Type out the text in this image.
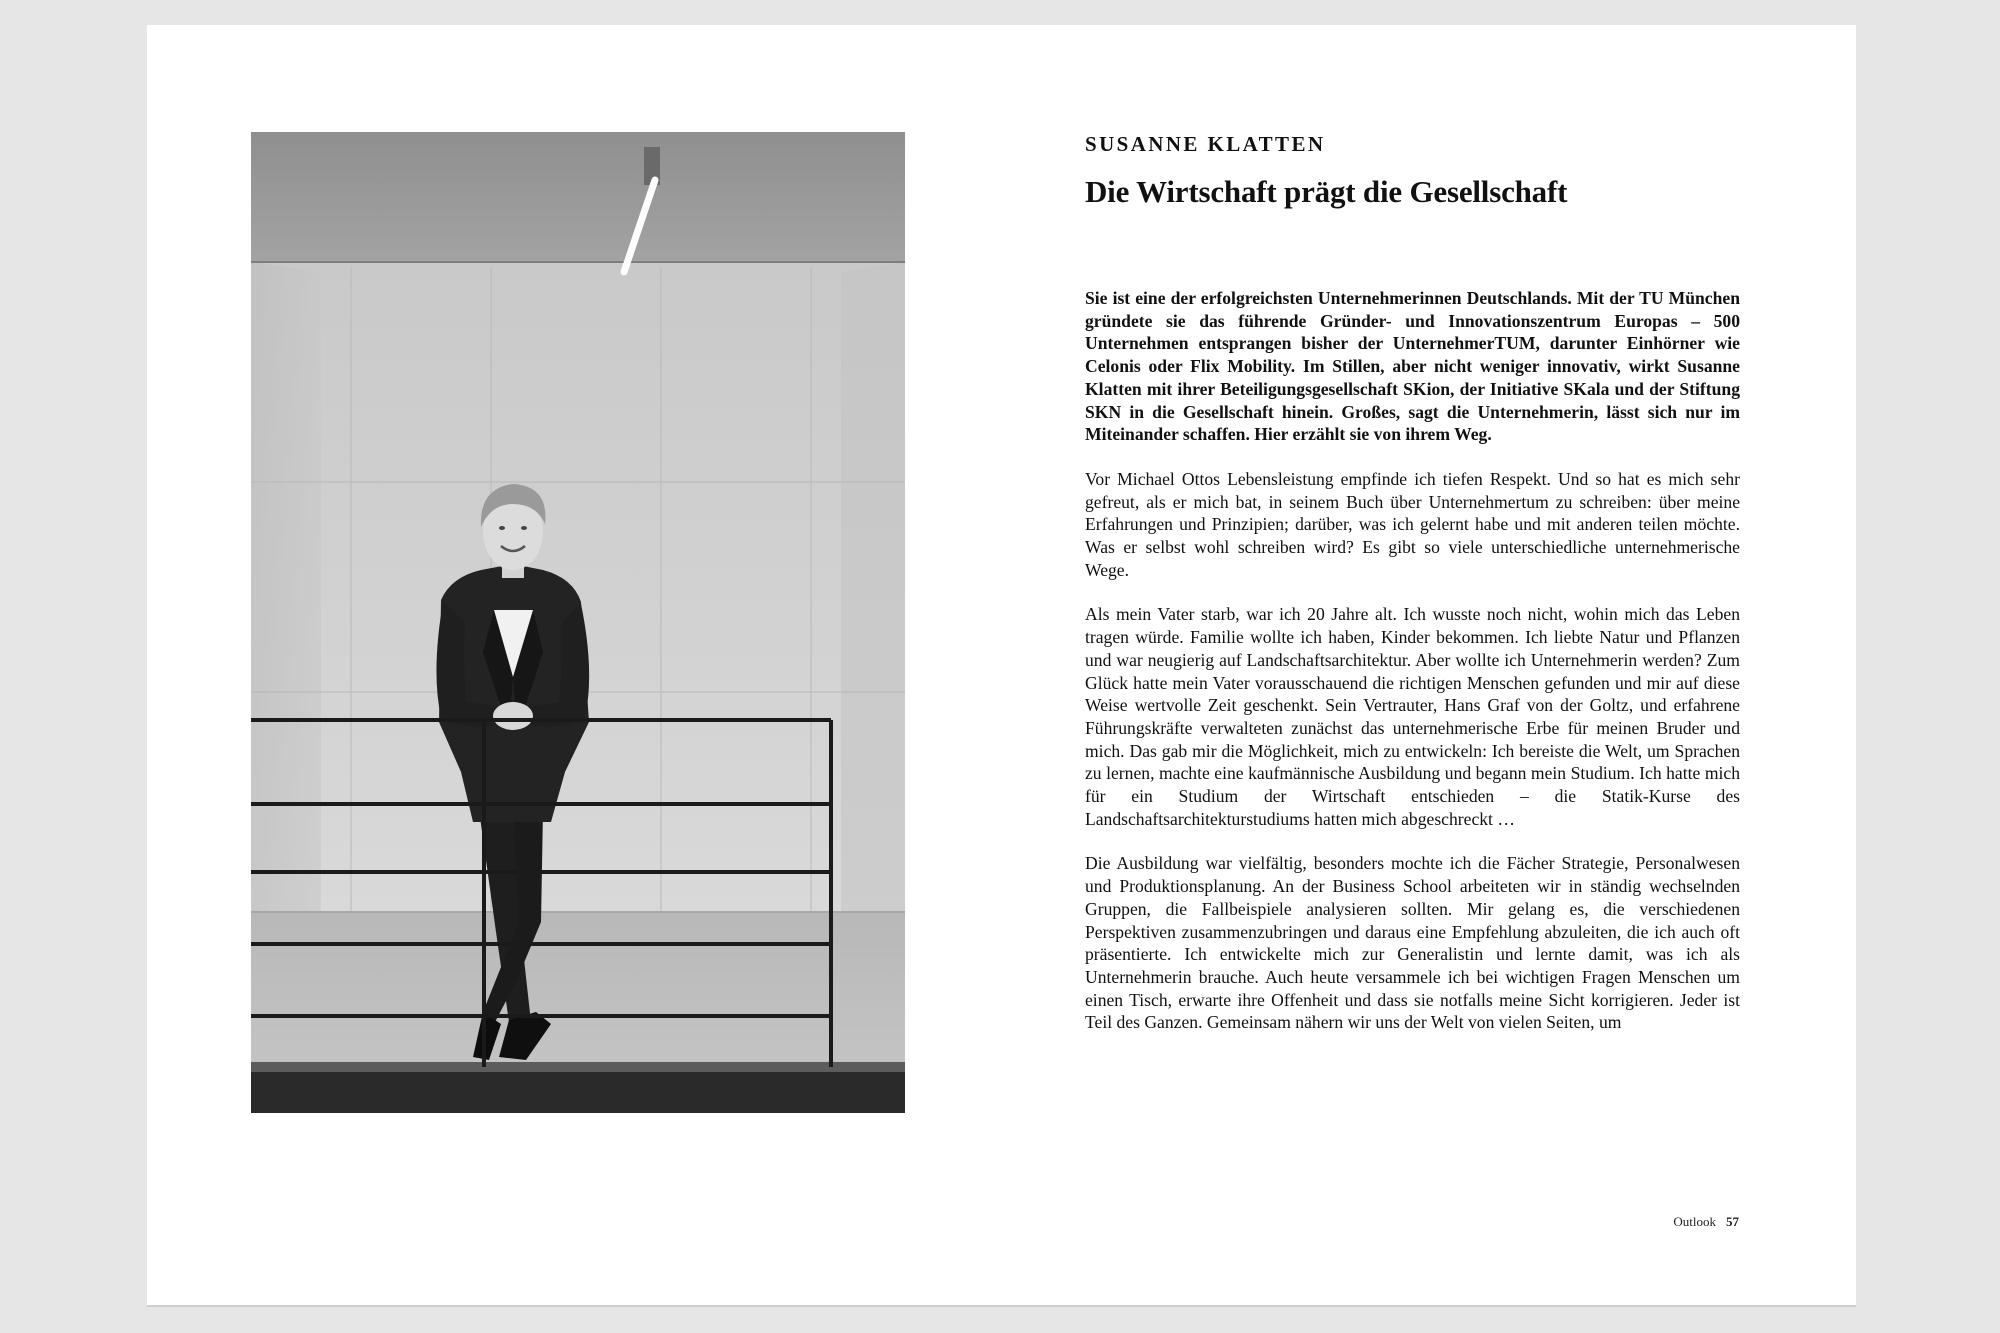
SUSANNE KLATTEN
Die Wirtschaft prägt die Gesellschaft

Sie ist eine der erfolgreichsten Unternehmerinnen Deutschlands. Mit der TU München gründete sie das führende Gründer- und Innovationszentrum Europas – 500 Unternehmen entsprangen bisher der UnternehmerTUM, darunter Einhörner wie Celonis oder Flix Mobility. Im Stillen, aber nicht weniger innovativ, wirkt Susanne Klatten mit ihrer Beteiligungsgesellschaft SKion, der Initiative SKala und der Stiftung SKN in die Gesellschaft hinein. Großes, sagt die Unternehmerin, lässt sich nur im Miteinander schaffen. Hier erzählt sie von ihrem Weg.

Vor Michael Ottos Lebensleistung empfinde ich tiefen Respekt. Und so hat es mich sehr gefreut, als er mich bat, in seinem Buch über Unternehmertum zu schreiben: über meine Erfahrungen und Prinzipien; darüber, was ich gelernt habe und mit anderen teilen möchte. Was er selbst wohl schreiben wird? Es gibt so viele unterschiedliche unternehmerische Wege.

Als mein Vater starb, war ich 20 Jahre alt. Ich wusste noch nicht, wohin mich das Leben tragen würde. Familie wollte ich haben, Kinder bekommen. Ich liebte Natur und Pflanzen und war neugierig auf Landschaftsarchitektur. Aber wollte ich Unternehmerin werden? Zum Glück hatte mein Vater vorausschauend die richtigen Menschen gefunden und mir auf diese Weise wertvolle Zeit geschenkt. Sein Vertrauter, Hans Graf von der Goltz, und erfahrene Führungskräfte verwalteten zunächst das unternehmerische Erbe für meinen Bruder und mich. Das gab mir die Möglichkeit, mich zu entwickeln: Ich bereiste die Welt, um Sprachen zu lernen, machte eine kaufmännische Ausbildung und begann mein Studium. Ich hatte mich für ein Studium der Wirtschaft entschieden – die Statik-Kurse des Landschaftsarchitekturstudiums hatten mich abgeschreckt …

Die Ausbildung war vielfältig, besonders mochte ich die Fächer Strategie, Personalwesen und Produktionsplanung. An der Business School arbeiteten wir in ständig wechselnden Gruppen, die Fallbeispiele analysieren sollten. Mir gelang es, die verschiedenen Perspektiven zusammenzubringen und daraus eine Empfehlung abzuleiten, die ich auch oft präsentierte. Ich entwickelte mich zur Generalistin und lernte damit, was ich als Unternehmerin brauche. Auch heute versammele ich bei wichtigen Fragen Menschen um einen Tisch, erwarte ihre Offenheit und dass sie notfalls meine Sicht korrigieren. Jeder ist Teil des Ganzen. Gemeinsam nähern wir uns der Welt von vielen Seiten, um

Outlook 57
